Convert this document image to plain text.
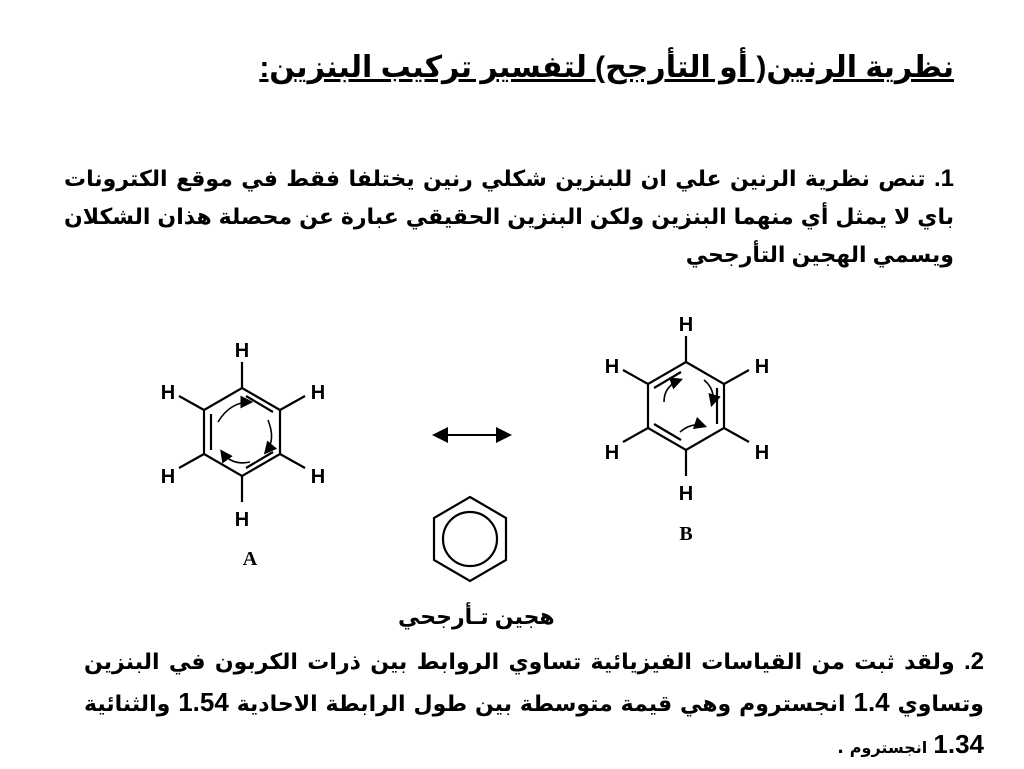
نظرية الرنين( أو التأرجح) لتفسير تركيب البنزين:
1. تنص نظرية الرنين علي ان للبنزين شكلي رنين يختلفا فقط في موقع الكترونات باي لا يمثل أي منهما البنزين ولكن البنزين الحقيقي عبارة عن محصلة هذان الشكلان ويسمي الهجين التأرجحي
H
H
H
H
H
H
A
H
H
H
H
H
H
B
هجين تـأرجحي
2. ولقد ثبت من القياسات الفيزيائية تساوي الروابط بين ذرات الكربون في البنزين وتساوي 1.4 انجستروم وهي قيمة متوسطة بين طول الرابطة الاحادية 1.54 والثنائية 1.34 انجستروم .
